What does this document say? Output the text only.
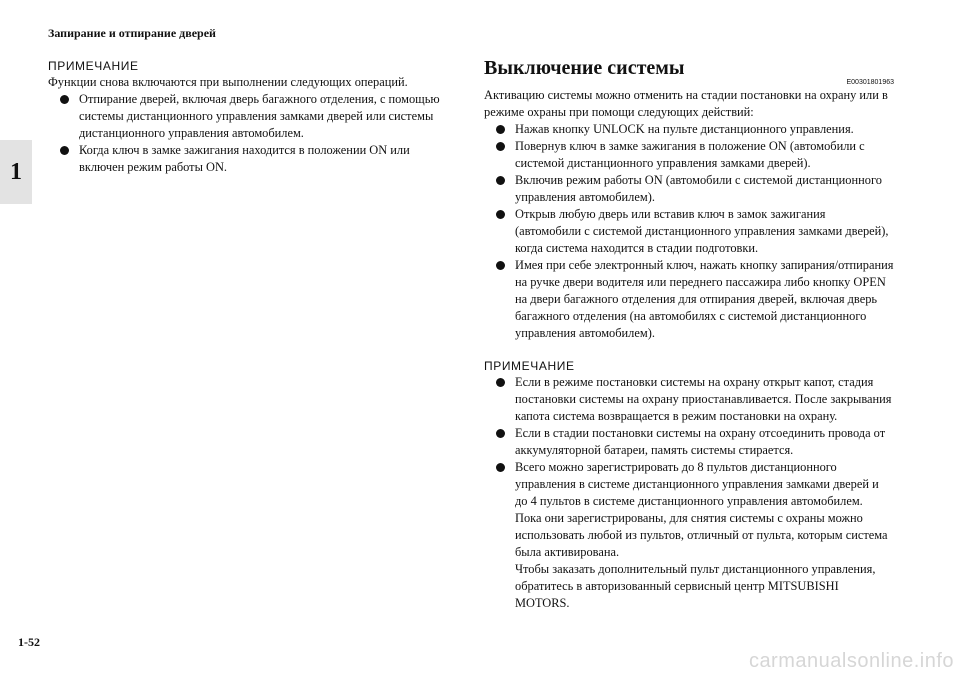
Запирание и отпирание дверей
1
ПРИМЕЧАНИЕ

Функции снова включаются при выполнении следующих операций.

Отпирание дверей, включая дверь багажного отделения, с помощью системы дистанционного управления замками дверей или системы дистанционного управления автомобилем.
Когда ключ в замке зажигания находится в положении ON или включен режим работы ON.
Выключение системы
E00301801963

Активацию системы можно отменить на стадии постановки на охрану или в режиме охраны при помощи следующих действий:

Нажав кнопку UNLOCK на пульте дистанционного управления.
Повернув ключ в замке зажигания в положение ON (автомобили с системой дистанционного управления замками дверей).
Включив режим работы ON (автомобили с системой дистанционного управления автомобилем).
Открыв любую дверь или вставив ключ в замок зажигания (автомобили с системой дистанционного управления замками дверей), когда система находится в стадии подготовки.
Имея при себе электронный ключ, нажать кнопку запирания/отпирания на ручке двери водителя или переднего пассажира либо кнопку OPEN на двери багажного отделения для отпирания дверей, включая дверь багажного отделения (на автомобилях с системой дистанционного управления автомобилем).
ПРИМЕЧАНИЕ
Если в режиме постановки системы на охрану открыт капот, стадия постановки системы на охрану приостанавливается. После закрывания капота система возвращается в режим постановки на охрану.
Если в стадии постановки системы на охрану отсоединить провода от аккумуляторной батареи, память системы стирается.
Всего можно зарегистрировать до 8 пультов дистанционного управления в системе дистанционного управления замками дверей и до 4 пультов в системе дистанционного управления автомобилем.
Пока они зарегистрированы, для снятия системы с охраны можно использовать любой из пультов, отличный от пульта, которым система была активирована.
Чтобы заказать дополнительный пульт дистанционного управления, обратитесь в авторизованный сервисный центр MITSUBISHI MOTORS.
1-52
carmanualsonline.info
